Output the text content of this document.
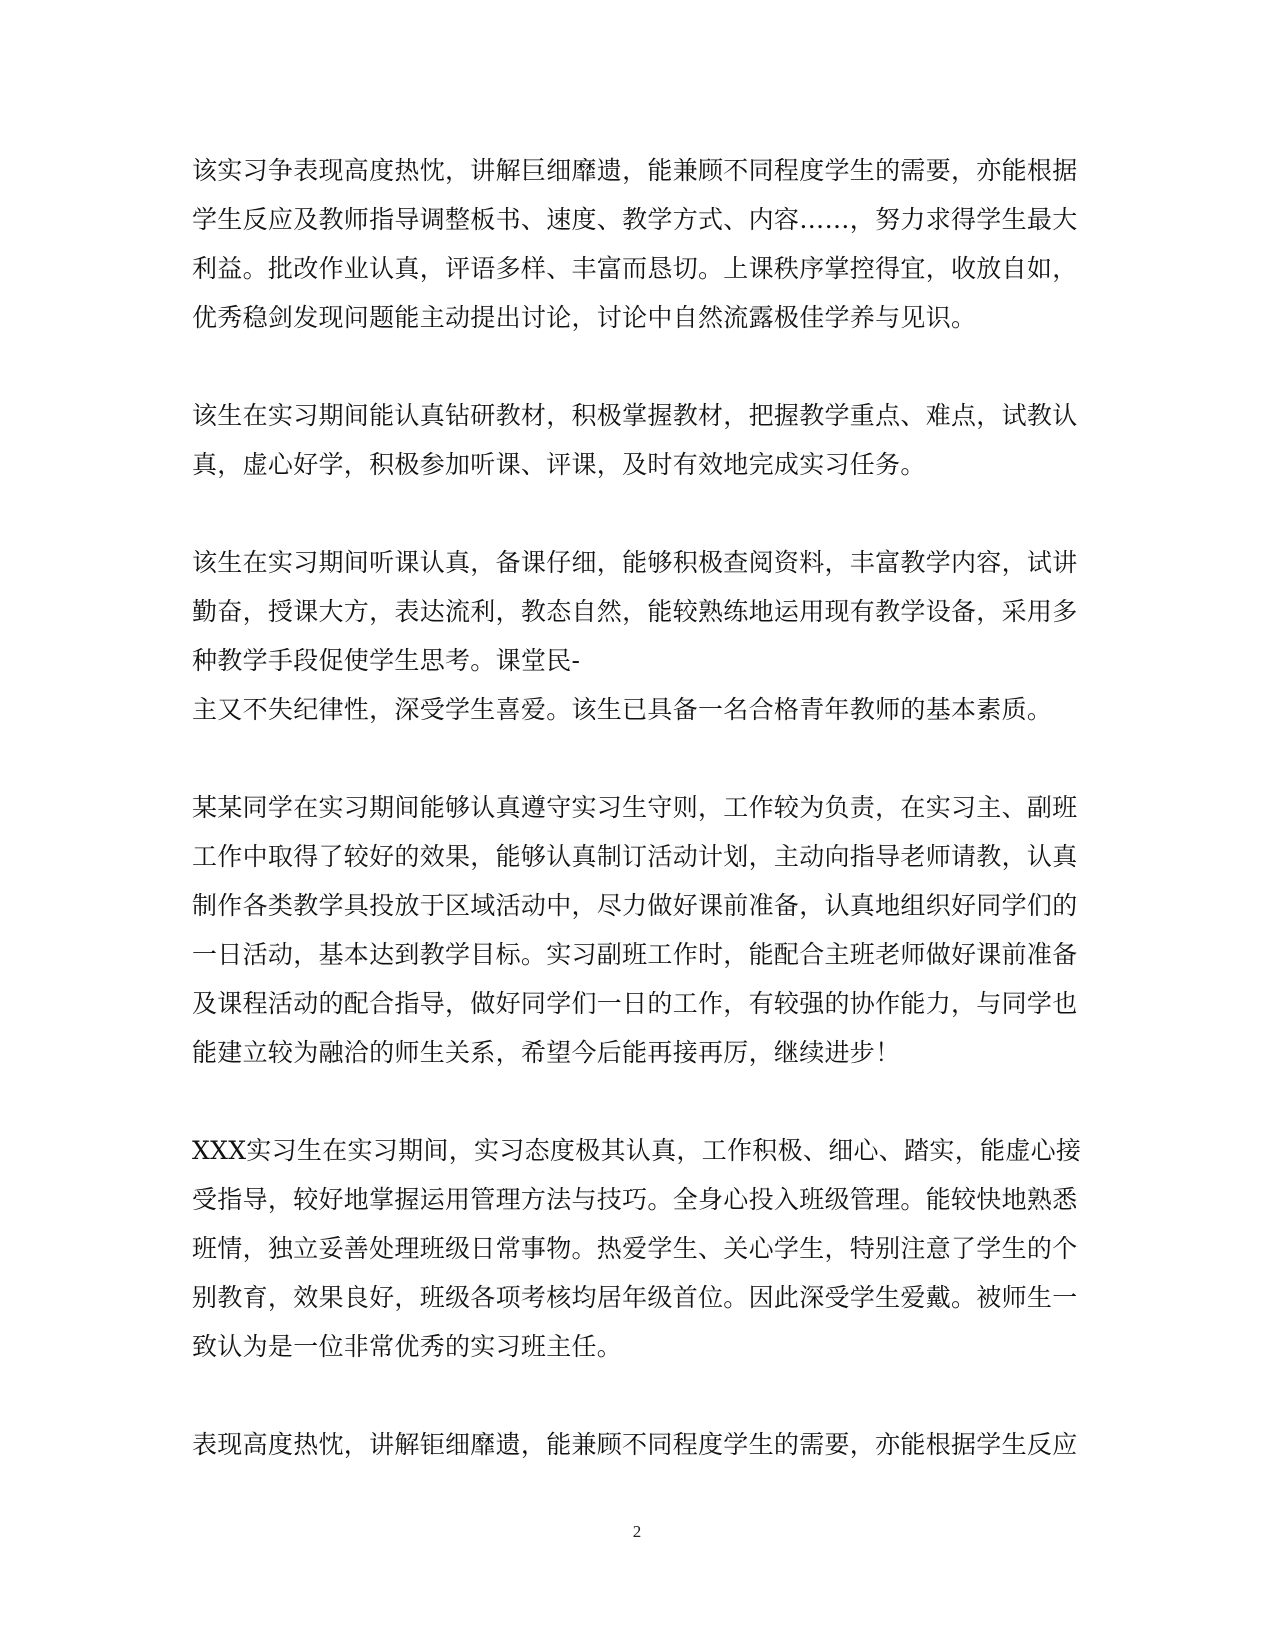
该实习争表现高度热忱，讲解巨细靡遗，能兼顾不同程度学生的需要，亦能根据
学生反应及教师指导调整板书、速度、教学方式、内容……，努力求得学生最大
利益。批改作业认真，评语多样、丰富而恳切。上课秩序掌控得宜，收放自如，
优秀稳剑发现问题能主动提出讨论，讨论中自然流露极佳学养与见识。
该生在实习期间能认真钻研教材，积极掌握教材，把握教学重点、难点，试教认
真，虚心好学，积极参加听课、评课，及时有效地完成实习任务。
该生在实习期间听课认真，备课仔细，能够积极查阅资料，丰富教学内容，试讲
勤奋，授课大方，表达流利，教态自然，能较熟练地运用现有教学设备，采用多
种教学手段促使学生思考。课堂民-
主又不失纪律性，深受学生喜爱。该生已具备一名合格青年教师的基本素质。
某某同学在实习期间能够认真遵守实习生守则，工作较为负责，在实习主、副班
工作中取得了较好的效果，能够认真制订活动计划，主动向指导老师请教，认真
制作各类教学具投放于区域活动中，尽力做好课前准备，认真地组织好同学们的
一日活动，基本达到教学目标。实习副班工作时，能配合主班老师做好课前准备
及课程活动的配合指导，做好同学们一日的工作，有较强的协作能力，与同学也
能建立较为融洽的师生关系，希望今后能再接再厉，继续进步！
XXX实习生在实习期间，实习态度极其认真，工作积极、细心、踏实，能虚心接
受指导，较好地掌握运用管理方法与技巧。全身心投入班级管理。能较快地熟悉
班情，独立妥善处理班级日常事物。热爱学生、关心学生，特别注意了学生的个
别教育，效果良好，班级各项考核均居年级首位。因此深受学生爱戴。被师生一
致认为是一位非常优秀的实习班主任。
表现高度热忱，讲解钜细靡遗，能兼顾不同程度学生的需要，亦能根据学生反应
2
